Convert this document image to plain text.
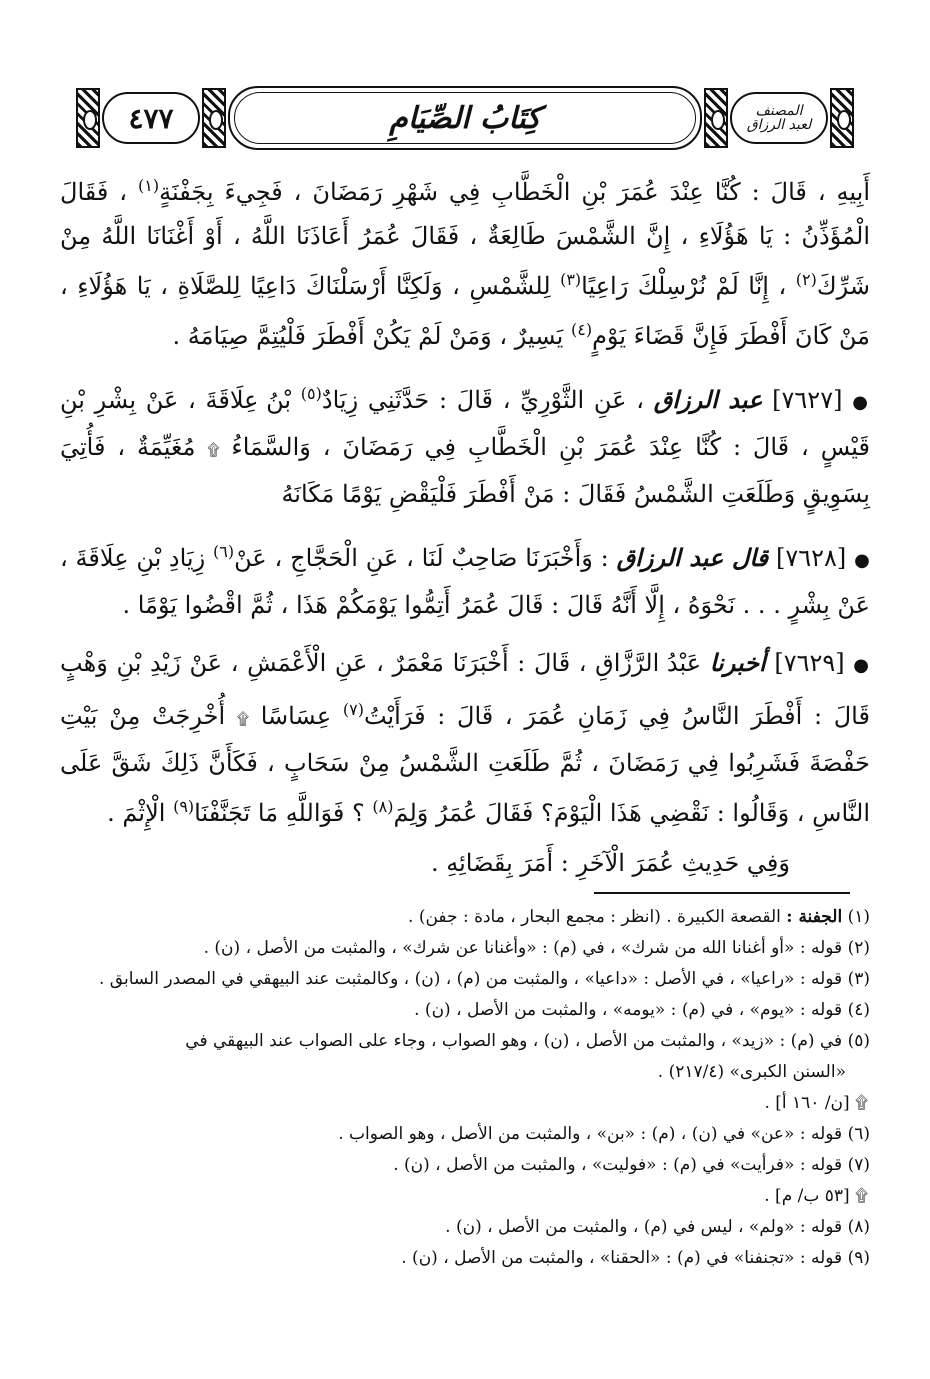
٤٧٧	كِتَابُ الصِّيَامِ	المصنف
لعبد الرزاق

أَبِيهِ ، قَالَ : كُنَّا عِنْدَ عُمَرَ بْنِ الْخَطَّابِ فِي شَهْرِ رَمَضَانَ ، فَجِيءَ بِجَفْنَةٍ$^{(١)}$ ، فَقَالَ الْمُؤَذِّنُ : يَا هَؤُلَاءِ ، إِنَّ الشَّمْسَ طَالِعَةٌ ، فَقَالَ عُمَرُ أَعَاذَنَا اللَّهُ ، أَوْ أَغْنَانَا اللَّهُ مِنْ شَرِّكَ$^{(٢)}$ ، إِنَّا لَمْ نُرْسِلْكَ رَاعِيًا$^{(٣)}$ لِلشَّمْسِ ، وَلَكِنَّا أَرْسَلْنَاكَ دَاعِيًا لِلصَّلَاةِ ، يَا هَؤُلَاءِ ، مَنْ كَانَ أَفْطَرَ فَإِنَّ قَضَاءَ يَوْمٍ$^{(٤)}$ يَسِيرٌ ، وَمَنْ لَمْ يَكُنْ أَفْطَرَ فَلْيُتِمَّ صِيَامَهُ .

● [٧٦٢٧] عبد الرزاق ، عَنِ الثَّوْرِيِّ ، قَالَ : حَدَّثَنِي زِيَادٌ$^{(٥)}$ بْنُ عِلَاقَةَ ، عَنْ بِشْرِ بْنِ قَيْسٍ ، قَالَ : كُنَّا عِنْدَ عُمَرَ بْنِ الْخَطَّابِ فِي رَمَضَانَ ، وَالسَّمَاءُ ۩ مُغَيِّمَةٌ ، فَأُتِيَ بِسَوِيقٍ وَطَلَعَتِ الشَّمْسُ فَقَالَ : مَنْ أَفْطَرَ فَلْيَقْضِ يَوْمًا مَكَانَهُ

● [٧٦٢٨] قال عبد الرزاق : وَأَخْبَرَنَا صَاحِبٌ لَنَا ، عَنِ الْحَجَّاجِ ، عَنْ$^{(٦)}$ زِيَادِ بْنِ عِلَاقَةَ ، عَنْ بِشْرٍ . . . نَحْوَهُ ، إِلَّا أَنَّهُ قَالَ : قَالَ عُمَرُ أَتِمُّوا يَوْمَكُمْ هَذَا ، ثُمَّ اقْضُوا يَوْمًا .

● [٧٦٢٩] أخبرنا عَبْدُ الرَّزَّاقِ ، قَالَ : أَخْبَرَنَا مَعْمَرٌ ، عَنِ الْأَعْمَشِ ، عَنْ زَيْدِ بْنِ وَهْبٍ قَالَ : أَفْطَرَ النَّاسُ فِي زَمَانِ عُمَرَ ، قَالَ : فَرَأَيْتُ$^{(٧)}$ عِسَاسًا ۩ أُخْرِجَتْ مِنْ بَيْتِ حَفْصَةَ فَشَرِبُوا فِي رَمَضَانَ ، ثُمَّ طَلَعَتِ الشَّمْسُ مِنْ سَحَابٍ ، فَكَأَنَّ ذَلِكَ شَقَّ عَلَى النَّاسِ ، وَقَالُوا : نَقْضِي هَذَا الْيَوْمَ؟ فَقَالَ عُمَرُ وَلِمَ$^{(٨)}$ ؟ فَوَاللَّهِ مَا تَجَنَّفْنَا$^{(٩)}$ الْإِثْمَ .

وَفِي حَدِيثِ عُمَرَ الْآخَرِ : أَمَرَ بِقَضَائِهِ .

(١) الجفنة : القصعة الكبيرة . (انظر : مجمع البحار ، مادة : جفن) .

(٢) قوله : «أو أغنانا الله من شرك» ، في (م) : «وأغنانا عن شرك» ، والمثبت من الأصل ، (ن) .

(٣) قوله : «راعيا» ، في الأصل : «داعيا» ، والمثبت من (م) ، (ن) ، وكالمثبت عند البيهقي في المصدر السابق .

(٤) قوله : «يوم» ، في (م) : «يومه» ، والمثبت من الأصل ، (ن) .

(٥) في (م) : «زيد» ، والمثبت من الأصل ، (ن) ، وهو الصواب ، وجاء على الصواب عند البيهقي في

«السنن الكبرى» (٢١٧/٤) .

۩ [ن/ ١٦٠ أ] .

(٦) قوله : «عن» في (ن) ، (م) : «بن» ، والمثبت من الأصل ، وهو الصواب .

(٧) قوله : «فرأيت» في (م) : «فوليت» ، والمثبت من الأصل ، (ن) .

۩ [٥٣ ب/ م] .

(٨) قوله : «ولم» ، ليس في (م) ، والمثبت من الأصل ، (ن) .

(٩) قوله : «تجنفنا» في (م) : «الحقنا» ، والمثبت من الأصل ، (ن) .
